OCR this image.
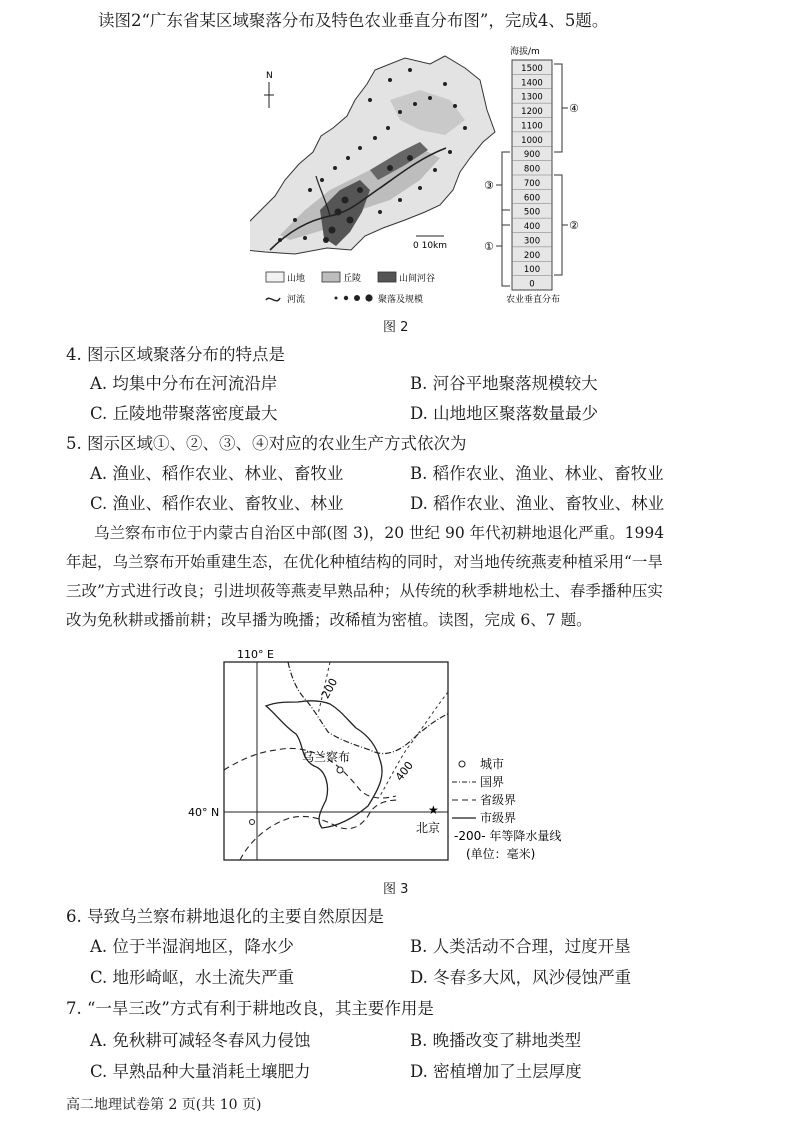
读图2“广东省某区域聚落分布及特色农业垂直分布图”，完成4、5题。
N
0 10km
海拔/m
1500
1400
1300
1200
1100
1000
900
800
700
600
500
400
300
200
100
0
④
②
③
①
山地	丘陵	山间河谷
河流	聚落及规模	农业垂直分布
图 2
4. 图示区域聚落分布的特点是
A. 均集中分布在河流沿岸	B. 河谷平地聚落规模较大
C. 丘陵地带聚落密度最大	D. 山地地区聚落数量最少
5. 图示区域①、②、③、④对应的农业生产方式依次为
A. 渔业、稻作农业、林业、畜牧业	B. 稻作农业、渔业、林业、畜牧业
C. 渔业、稻作农业、畜牧业、林业	D. 稻作农业、渔业、畜牧业、林业
乌兰察布市位于内蒙古自治区中部(图 3)，20 世纪 90 年代初耕地退化严重。1994
年起，乌兰察布开始重建生态，在优化种植结构的同时，对当地传统燕麦种植采用“一旱
三改”方式进行改良；引进坝莜等燕麦早熟品种；从传统的秋季耕地松土、春季播种压实
改为免秋耕或播前耕；改早播为晚播；改稀植为密植。读图，完成 6、7 题。
110° E
40° N
200
400
乌兰察布
★
北京
城市
国界
省级界
市级界
-200- 年等降水量线
(单位：毫米)
图 3
6. 导致乌兰察布耕地退化的主要自然原因是
A. 位于半湿润地区，降水少	B. 人类活动不合理，过度开垦
C. 地形崎岖，水土流失严重	D. 冬春多大风，风沙侵蚀严重
7. “一旱三改”方式有利于耕地改良，其主要作用是
A. 免秋耕可减轻冬春风力侵蚀	B. 晚播改变了耕地类型
C. 早熟品种大量消耗土壤肥力	D. 密植增加了土层厚度
高二地理试卷第 2 页(共 10 页)
